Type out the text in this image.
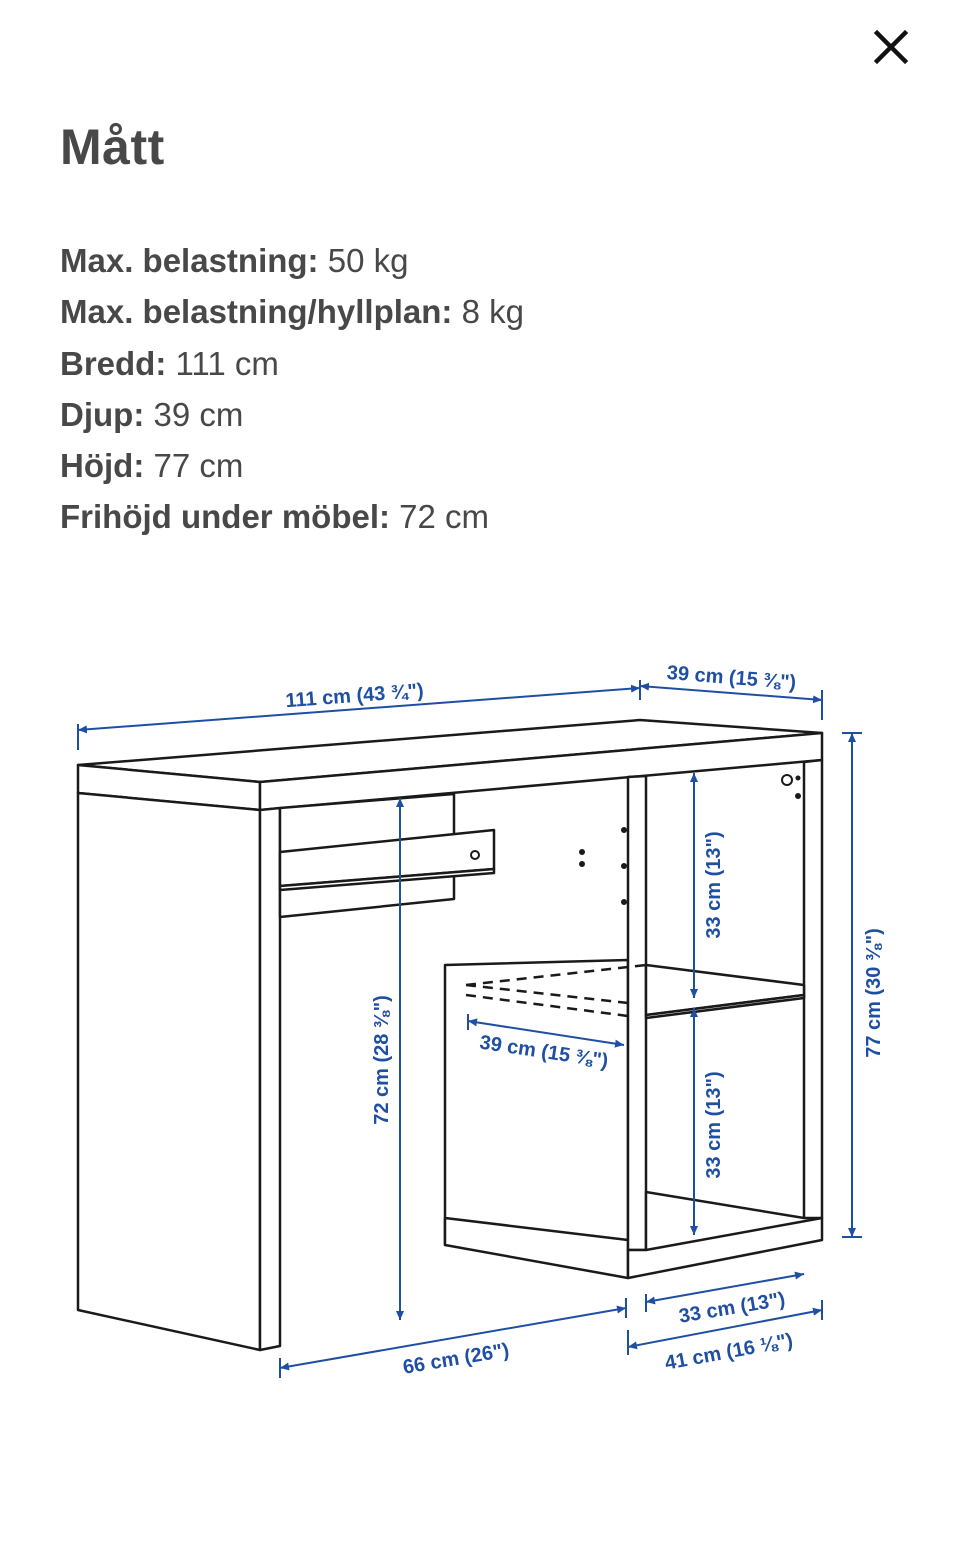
Mått
Max. belastning: 50 kg
Max. belastning/hyllplan: 8 kg
Bredd: 111 cm
Djup: 39 cm
Höjd: 77 cm
Frihöjd under möbel: 72 cm
111 cm (43 ¾")
39 cm (15 ⅜")
77 cm (30 ⅜")
72 cm (28 ⅜")
33 cm (13")
33 cm (13")
39 cm (15 ⅜")
66 cm (26")
33 cm (13")
41 cm (16 ⅛")
